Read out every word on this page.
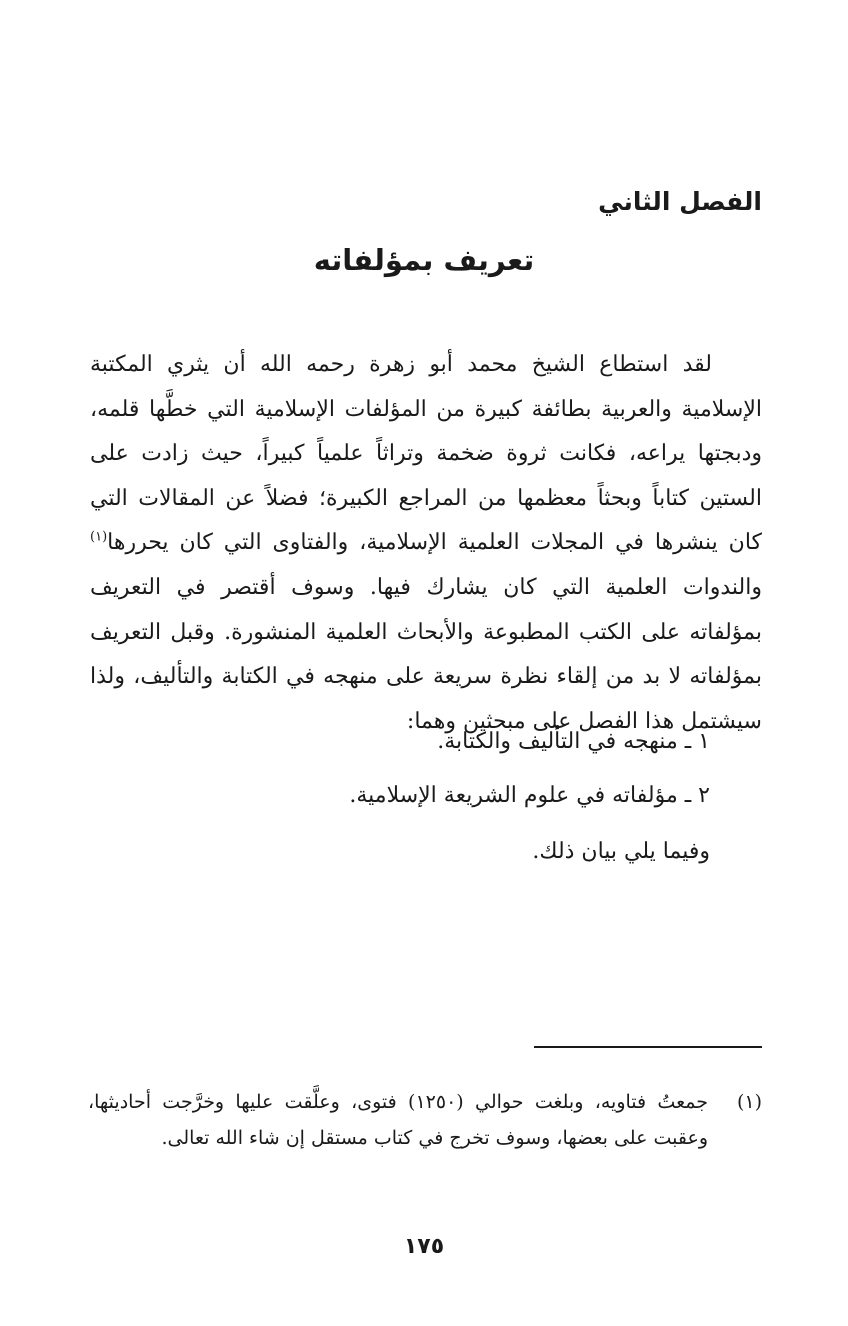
الفصل الثاني
تعريف بمؤلفاته

لقد استطاع الشيخ محمد أبو زهرة رحمه الله أن يثري المكتبة الإسلامية والعربية بطائفة كبيرة من المؤلفات الإسلامية التي خطَّها قلمه، ودبجتها يراعه، فكانت ثروة ضخمة وتراثاً علمياً كبيراً، حيث زادت على الستين كتاباً وبحثاً معظمها من المراجع الكبيرة؛ فضلاً عن المقالات التي كان ينشرها في المجلات العلمية الإسلامية، والفتاوى التي كان يحررها$^{(١)}$ والندوات العلمية التي كان يشارك فيها. وسوف أقتصر في التعريف بمؤلفاته على الكتب المطبوعة والأبحاث العلمية المنشورة. وقبل التعريف بمؤلفاته لا بد من إلقاء نظرة سريعة على منهجه في الكتابة والتأليف، ولذا سيشتمل هذا الفصل على مبحثين وهما:

١ ـ منهجه في التأليف والكتابة.

٢ ـ مؤلفاته في علوم الشريعة الإسلامية.

وفيما يلي بيان ذلك.

(١)
جمعتُ فتاويه، وبلغت حوالي (١٢٥٠) فتوى، وعلَّقت عليها وخرَّجت أحاديثها، وعقبت على بعضها، وسوف تخرج في كتاب مستقل إن شاء الله تعالى.

١٧٥
